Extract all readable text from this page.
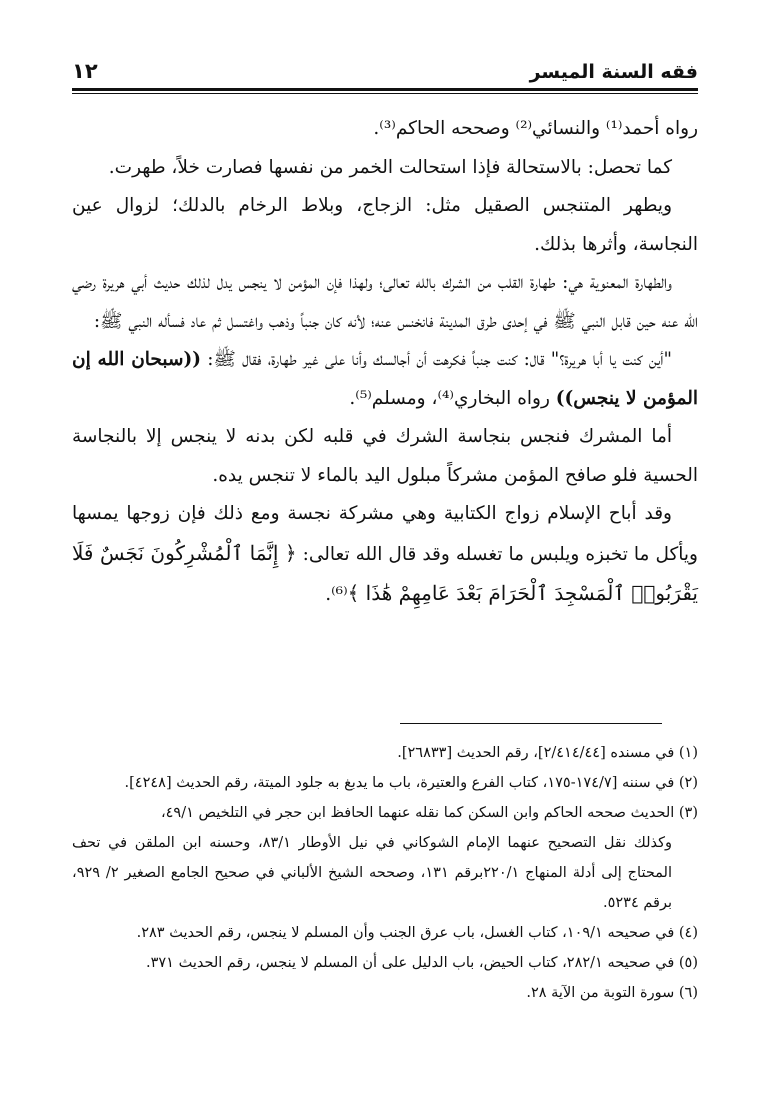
١٢	فقه السنة الميسر

رواه أحمد⁽¹⁾ والنسائي⁽²⁾ وصححه الحاكم⁽³⁾.

كما تحصل: بالاستحالة فإذا استحالت الخمر من نفسها فصارت خلاً، طهرت.

ويطهر المتنجس الصقيل مثل: الزجاج، وبلاط الرخام بالدلك؛ لزوال عين النجاسة، وأثرها بذلك.

والطهارة المعنوية هي: طهارة القلب من الشرك بالله تعالى؛ ولهذا فإن المؤمن لا ينجس يدل لذلك حديث أبي هريرة رضي الله عنه حين قابل النبي ﷺ في إحدى طرق المدينة فانخنس عنه؛ لأنه كان جنباً وذهب واغتسل ثم عاد فسأله النبي ﷺ:

"أين كنت يا أبا هريرة؟" قال: كنت جنباً فكرهت أن أجالسك وأنا على غير طهارة، فقال ﷺ: ((سبحان الله إن المؤمن لا ينجس)) رواه البخاري⁽⁴⁾، ومسلم⁽⁵⁾.

أما المشرك فنجس بنجاسة الشرك في قلبه لكن بدنه لا ينجس إلا بالنجاسة الحسية فلو صافح المؤمن مشركاً مبلول اليد بالماء لا تنجس يده.

وقد أباح الإسلام زواج الكتابية وهي مشركة نجسة ومع ذلك فإن زوجها يمسها ويأكل ما تخبزه ويلبس ما تغسله وقد قال الله تعالى: ﴿ إِنَّمَا ٱلْمُشْرِكُونَ نَجَسٌ فَلَا يَقْرَبُوا۟ ٱلْمَسْجِدَ ٱلْحَرَامَ بَعْدَ عَامِهِمْ هَٰذَا ﴾⁽⁶⁾.

(١) في مسنده [٢/٤١٤/٤٤]، رقم الحديث [٢٦٨٣٣].

(٢) في سننه [١٧٤/٧-١٧٥، كتاب الفرع والعتيرة، باب ما يدبغ به جلود الميتة، رقم الحديث [٤٢٤٨].

(٣) الحديث صححه الحاكم وابن السكن كما نقله عنهما الحافظ ابن حجر في التلخيص ٤٩/١،

وكذلك نقل التصحيح عنهما الإمام الشوكاني في نيل الأوطار ٨٣/١، وحسنه ابن الملقن في تحف المحتاج إلى أدلة المنهاج ٢٢٠/١برقم ١٣١، وصححه الشيخ الألباني في صحيح الجامع الصغير ٢/ ٩٢٩، برقم ٥٢٣٤.

(٤) في صحيحه ١٠٩/١، كتاب الغسل، باب عرق الجنب وأن المسلم لا ينجس، رقم الحديث ٢٨٣.

(٥) في صحيحه ٢٨٢/١، كتاب الحيض، باب الدليل على أن المسلم لا ينجس، رقم الحديث ٣٧١.

(٦) سورة التوبة من الآية ٢٨.
